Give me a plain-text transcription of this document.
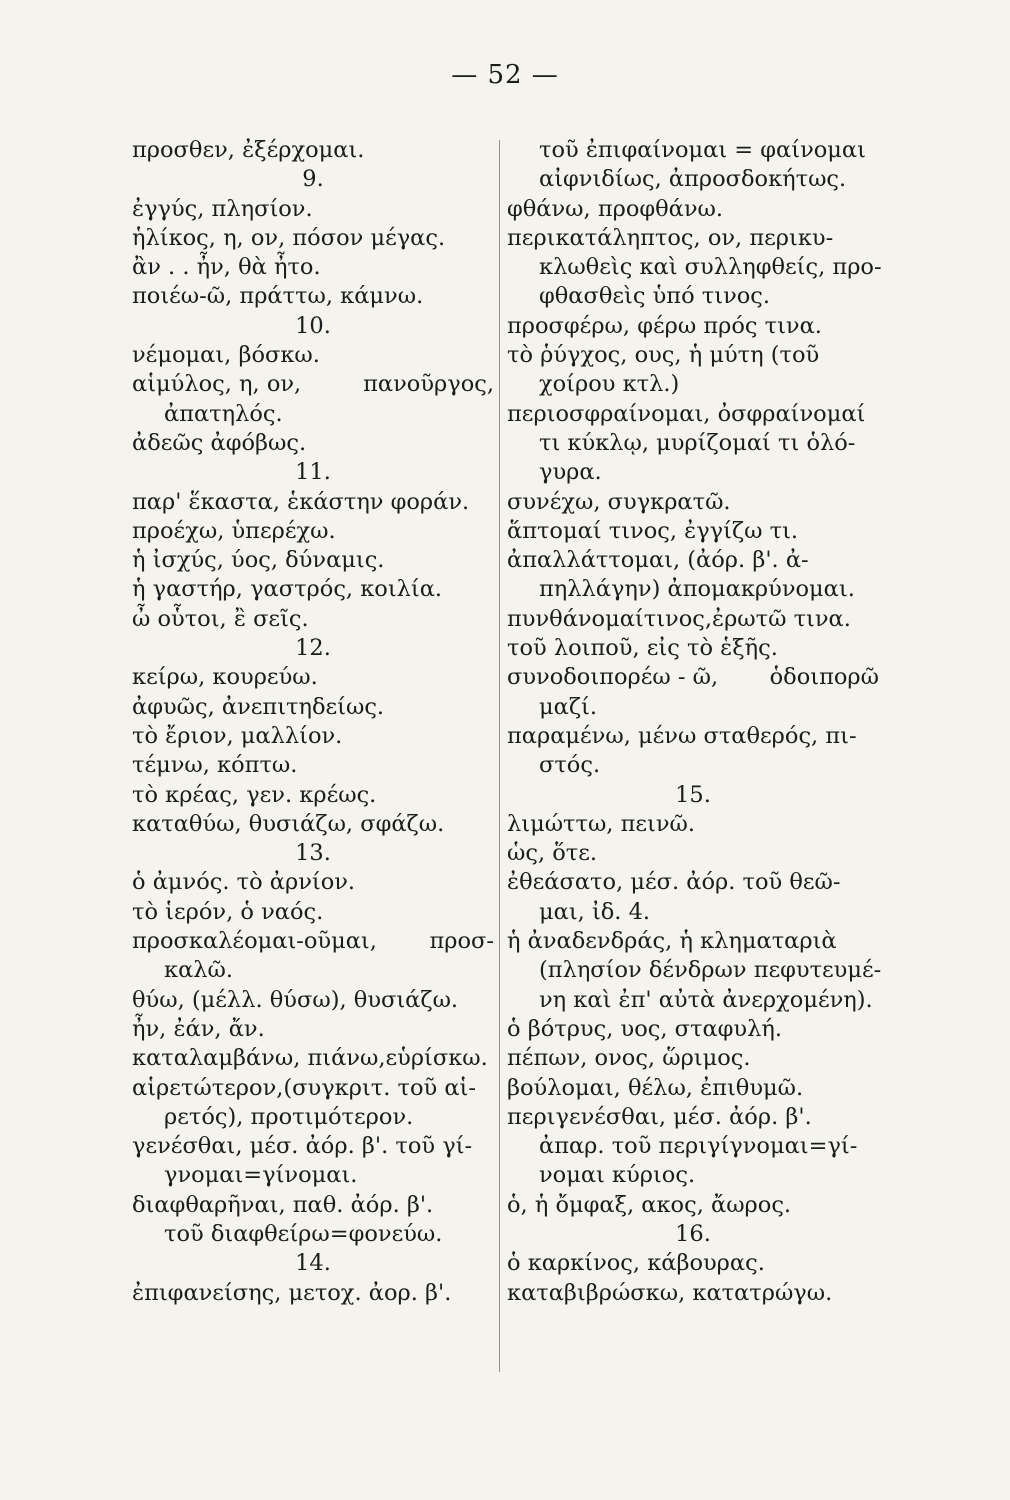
— 52 —
προσθεν, ἐξέρχομαι.
9.
ἐγγύς, πλησίον.
ἡλίκος, η, ον, πόσον μέγας.
ἂν . . ἦν, θὰ ἦτο.
ποιέω-ῶ, πράττω, κάμνω.
10.
νέμομαι, βόσκω.
αἱμύλος, η, ον,	πανοῦργος,
ἀπατηλός.
ἀδεῶς ἀφόβως.
11.
παρ' ἕκαστα, ἑκάστην φοράν.
προέχω, ὑπερέχω.
ἡ ἰσχύς, ύος, δύναμις.
ἡ γαστήρ, γαστρός, κοιλία.
ὦ οὗτοι, ἒ σεῖς.
12.
κείρω, κουρεύω.
ἀφυῶς, ἀνεπιτηδείως.
τὸ ἔριον, μαλλίον.
τέμνω, κόπτω.
τὸ κρέας, γεν. κρέως.
καταθύω, θυσιάζω, σφάζω.
13.
ὁ ἀμνός. τὸ ἀρνίον.
τὸ ἱερόν, ὁ ναός.
προσκαλέομαι-οῦμαι, προσ-
καλῶ.
θύω, (μέλλ. θύσω), θυσιάζω.
ἦν, ἐάν, ἄν.
καταλαμβάνω, πιάνω,εὑρίσκω.
αἱρετώτερον,(συγκριτ. τοῦ αἱ-
ρετός), προτιμότερον.
γενέσθαι, μέσ. ἀόρ. β'. τοῦ γί-
γνομαι=γίνομαι.
διαφθαρῆναι, παθ. ἀόρ. β'.
τοῦ διαφθείρω=φονεύω.
14.
ἐπιφανείσης, μετοχ. ἀορ. β'.
τοῦ ἐπιφαίνομαι = φαίνομαι
αἰφνιδίως, ἀπροσδοκήτως.
φθάνω, προφθάνω.
περικατάληπτος, ον, περικυ-
κλωθεὶς καὶ συλληφθείς, προ-
φθασθεὶς ὑπό τινος.
προσφέρω, φέρω πρός τινα.
τὸ ῥύγχος, ους, ἡ μύτη (τοῦ
χοίρου κτλ.)
περιοσφραίνομαι, ὀσφραίνομαί
τι κύκλῳ, μυρίζομαί τι ὁλό-
γυρα.
συνέχω, συγκρατῶ.
ἅπτομαί τινος, ἐγγίζω τι.
ἀπαλλάττομαι, (ἀόρ. β'. ἀ-
πηλλάγην) ἀπομακρύνομαι.
πυνθάνομαίτινος,ἐρωτῶ τινα.
τοῦ λοιποῦ, εἰς τὸ ἑξῆς.
συνοδοιπορέω - ῶ, ὁδοιπορῶ
μαζί.
παραμένω, μένω σταθερός, πι-
στός.
15.
λιμώττω, πεινῶ.
ὡς, ὅτε.
ἐθεάσατο, μέσ. ἀόρ. τοῦ θεῶ-
μαι, ἰδ. 4.
ἡ ἀναδενδράς, ἡ κληματαριὰ
(πλησίον δένδρων πεφυτευμέ-
νη καὶ ἐπ' αὐτὰ ἀνερχομένη).
ὁ βότρυς, υος, σταφυλή.
πέπων, ονος, ὥριμος.
βούλομαι, θέλω, ἐπιθυμῶ.
περιγενέσθαι, μέσ. ἀόρ. β'.
ἀπαρ. τοῦ περιγίγνομαι=γί-
νομαι κύριος.
ὁ, ἡ ὄμφαξ, ακος, ἄωρος.
16.
ὁ καρκίνος, κάβουρας.
καταβιβρώσκω, κατατρώγω.
